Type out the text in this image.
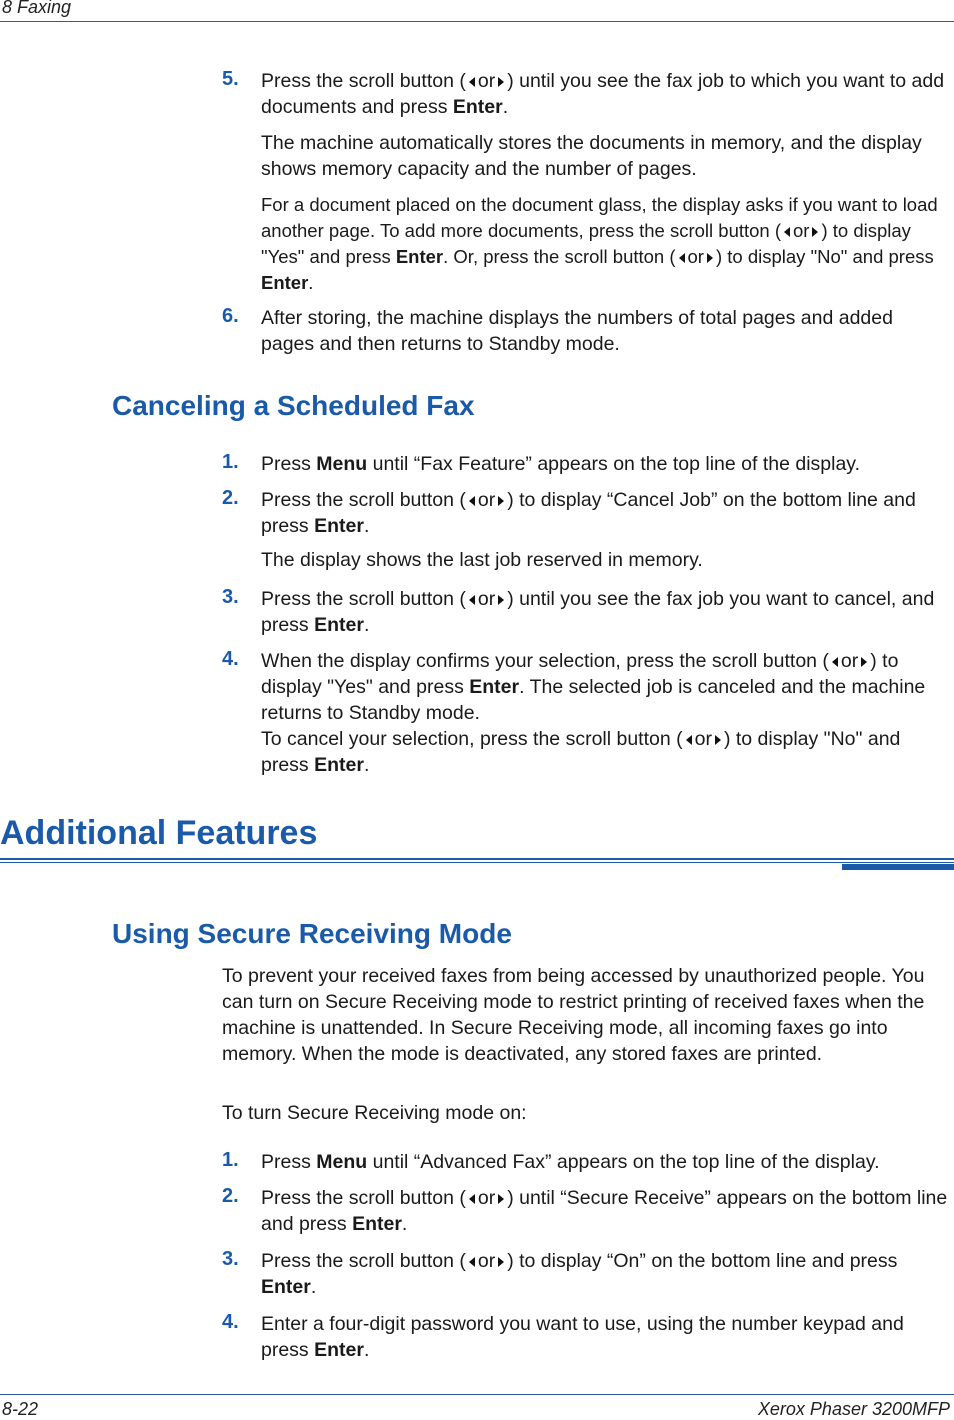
8 Faxing
8-22	Xerox Phaser 3200MFP
5. Press the scroll button ( or ) until you see the fax job to which you want to add documents and press Enter.
The machine automatically stores the documents in memory, and the display shows memory capacity and the number of pages.
For a document placed on the document glass, the display asks if you want to load another page. To add more documents, press the scroll button ( or ) to display "Yes" and press Enter. Or, press the scroll button ( or ) to display "No" and press Enter.
6. After storing, the machine displays the numbers of total pages and added pages and then returns to Standby mode.
Canceling a Scheduled Fax
1. Press Menu until “Fax Feature” appears on the top line of the display.
2. Press the scroll button ( or ) to display “Cancel Job” on the bottom line and press Enter.
The display shows the last job reserved in memory.
3. Press the scroll button ( or ) until you see the fax job you want to cancel, and press Enter.
4. When the display confirms your selection, press the scroll button ( or ) to display "Yes" and press Enter. The selected job is canceled and the machine returns to Standby mode.
To cancel your selection, press the scroll button ( or ) to display "No" and press Enter.
Additional Features
Using Secure Receiving Mode
To prevent your received faxes from being accessed by unauthorized people. You can turn on Secure Receiving mode to restrict printing of received faxes when the machine is unattended. In Secure Receiving mode, all incoming faxes go into memory. When the mode is deactivated, any stored faxes are printed.
To turn Secure Receiving mode on:
1. Press Menu until “Advanced Fax” appears on the top line of the display.
2. Press the scroll button ( or ) until “Secure Receive” appears on the bottom line and press Enter.
3. Press the scroll button ( or ) to display “On” on the bottom line and press Enter.
4. Enter a four-digit password you want to use, using the number keypad and press Enter.
